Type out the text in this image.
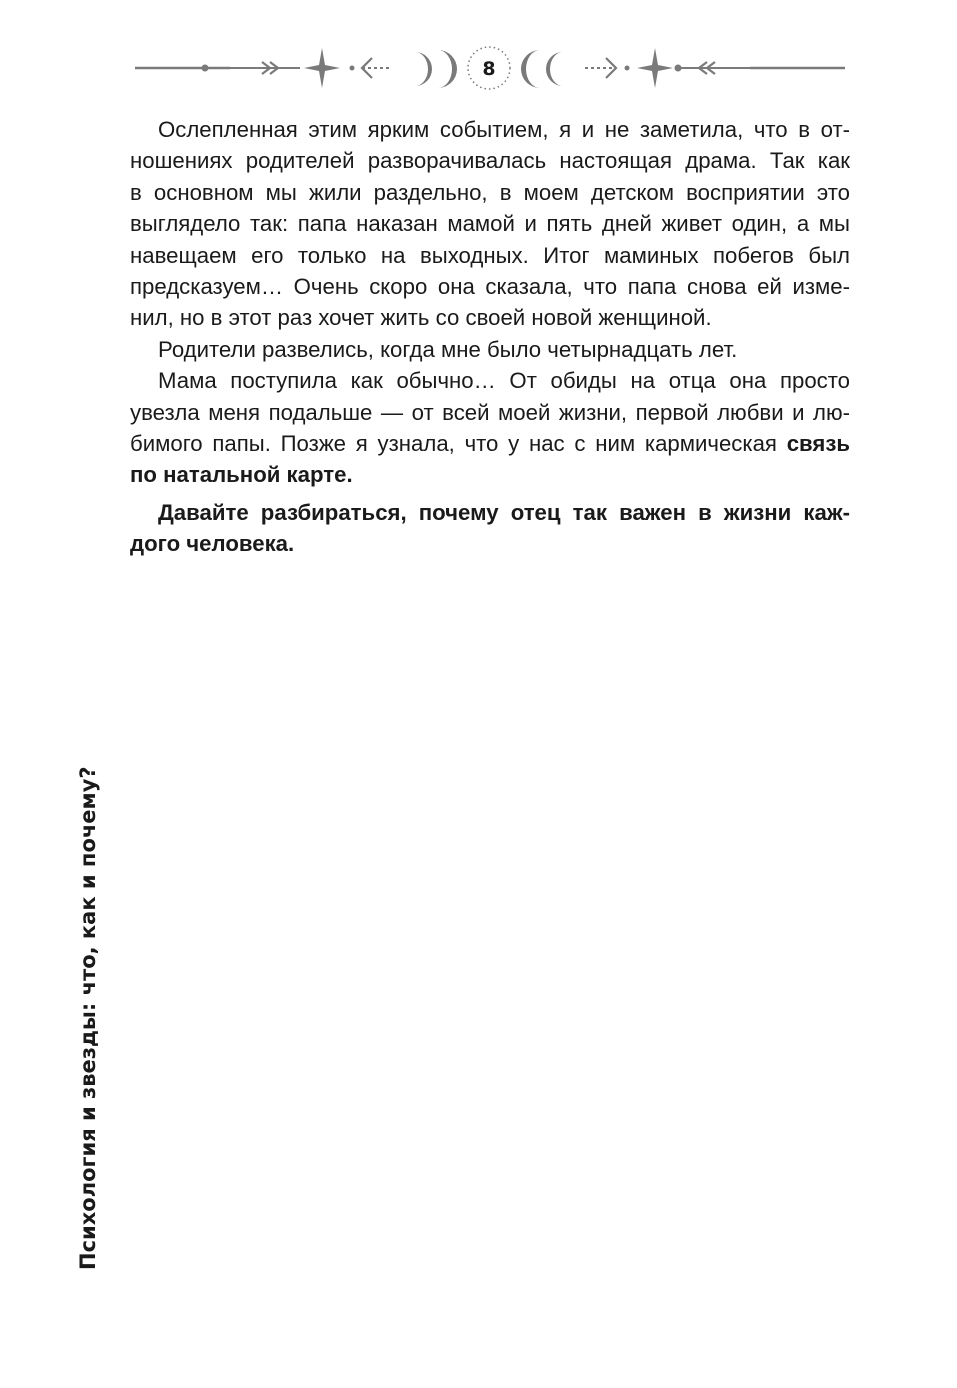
8

Ослепленная этим ярким событием, я и не заметила, что в от-
ношениях родителей разворачивалась настоящая драма. Так как
в основном мы жили раздельно, в моем детском восприятии это
выглядело так: папа наказан мамой и пять дней живет один, а мы
навещаем его только на выходных. Итог маминых побегов был
предсказуем… Очень скоро она сказала, что папа снова ей изме-
нил, но в этот раз хочет жить со своей новой женщиной.

Родители развелись, когда мне было четырнадцать лет.

Мама поступила как обычно… От обиды на отца она просто
увезла меня подальше — от всей моей жизни, первой любви и лю-
бимого папы. Позже я узнала, что у нас с ним кармическая связь
по натальной карте.

Давайте разбираться, почему отец так важен в жизни каж-
дого человека.

Психология и звезды: что, как и почему?
